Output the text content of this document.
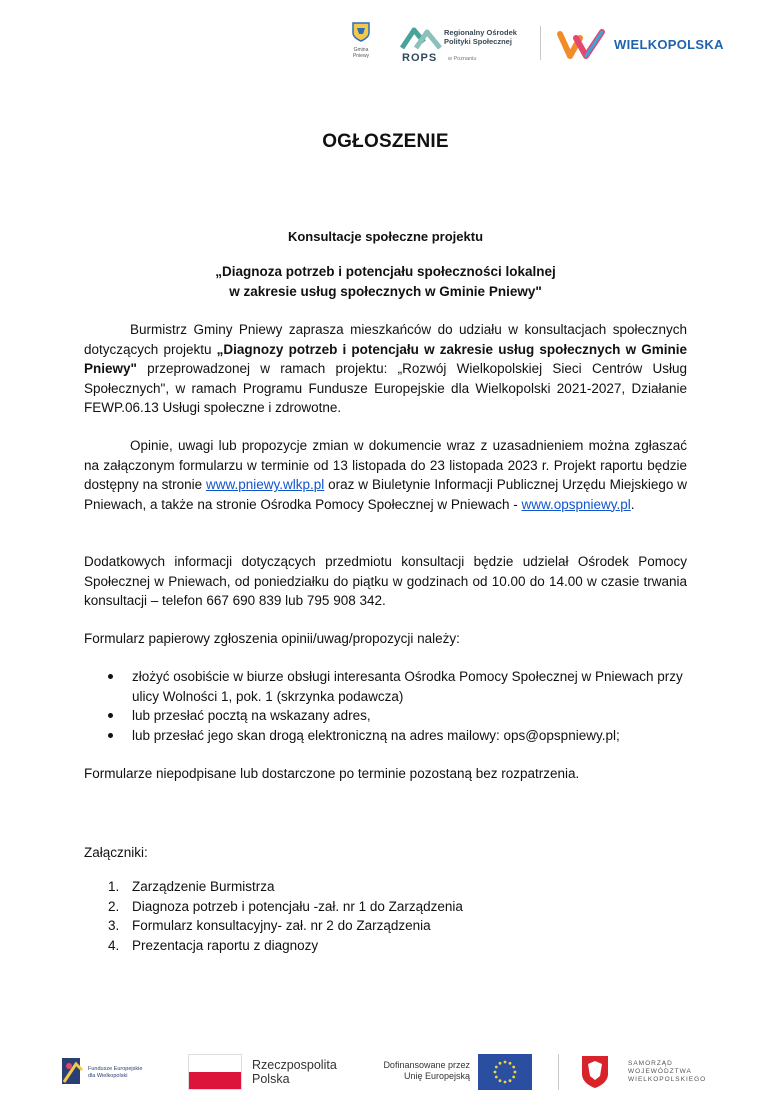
Gmina
Pniewy	ROPS
Regionalny Ośrodek
Polityki Społecznej
w Poznaniu
WIELKOPOLSKA
OGŁOSZENIE
Konsultacje społeczne projektu
„Diagnoza potrzeb i potencjału społeczności lokalnej
w zakresie usług społecznych w Gminie Pniewy"
Burmistrz Gminy Pniewy zaprasza mieszkańców do udziału w konsultacjach społecznych dotyczących projektu „Diagnozy potrzeb i potencjału w zakresie usług społecznych w Gminie Pniewy" przeprowadzonej w ramach projektu: „Rozwój Wielkopolskiej Sieci Centrów Usług Społecznych", w ramach Programu Fundusze Europejskie dla Wielkopolski 2021-2027, Działanie FEWP.06.13 Usługi społeczne i zdrowotne.
Opinie, uwagi lub propozycje zmian w dokumencie wraz z uzasadnieniem można zgłaszać na załączonym formularzu w terminie od 13 listopada do 23 listopada 2023 r. Projekt raportu będzie dostępny na stronie www.pniewy.wlkp.pl oraz w Biuletynie Informacji Publicznej Urzędu Miejskiego w Pniewach, a także na stronie Ośrodka Pomocy Społecznej w Pniewach - www.opspniewy.pl.
Dodatkowych informacji dotyczących przedmiotu konsultacji będzie udzielał Ośrodek Pomocy Społecznej w Pniewach, od poniedziałku do piątku w godzinach od 10.00 do 14.00 w czasie trwania konsultacji – telefon 667 690 839 lub 795 908 342.
Formularz papierowy zgłoszenia opinii/uwag/propozycji należy:
złożyć osobiście w biurze obsługi interesanta Ośrodka Pomocy Społecznej w Pniewach przy ulicy Wolności 1, pok. 1 (skrzynka podawcza)
lub przesłać pocztą na wskazany adres,
lub przesłać jego skan drogą elektroniczną na adres mailowy: ops@opspniewy.pl;
Formularze niepodpisane lub dostarczone po terminie pozostaną bez rozpatrzenia.
Załączniki:
1. Zarządzenie Burmistrza
2. Diagnoza potrzeb i potencjału -zał. nr 1 do Zarządzenia
3. Formularz konsultacyjny- zał. nr 2 do Zarządzenia
4. Prezentacja raportu z diagnozy
Fundusze Europejskie
dla Wielkopolski
Rzeczpospolita
Polska
Dofinansowane przez
Unię Europejską
SAMORZĄD
WOJEWÓDZTWA
WIELKOPOLSKIEGO
